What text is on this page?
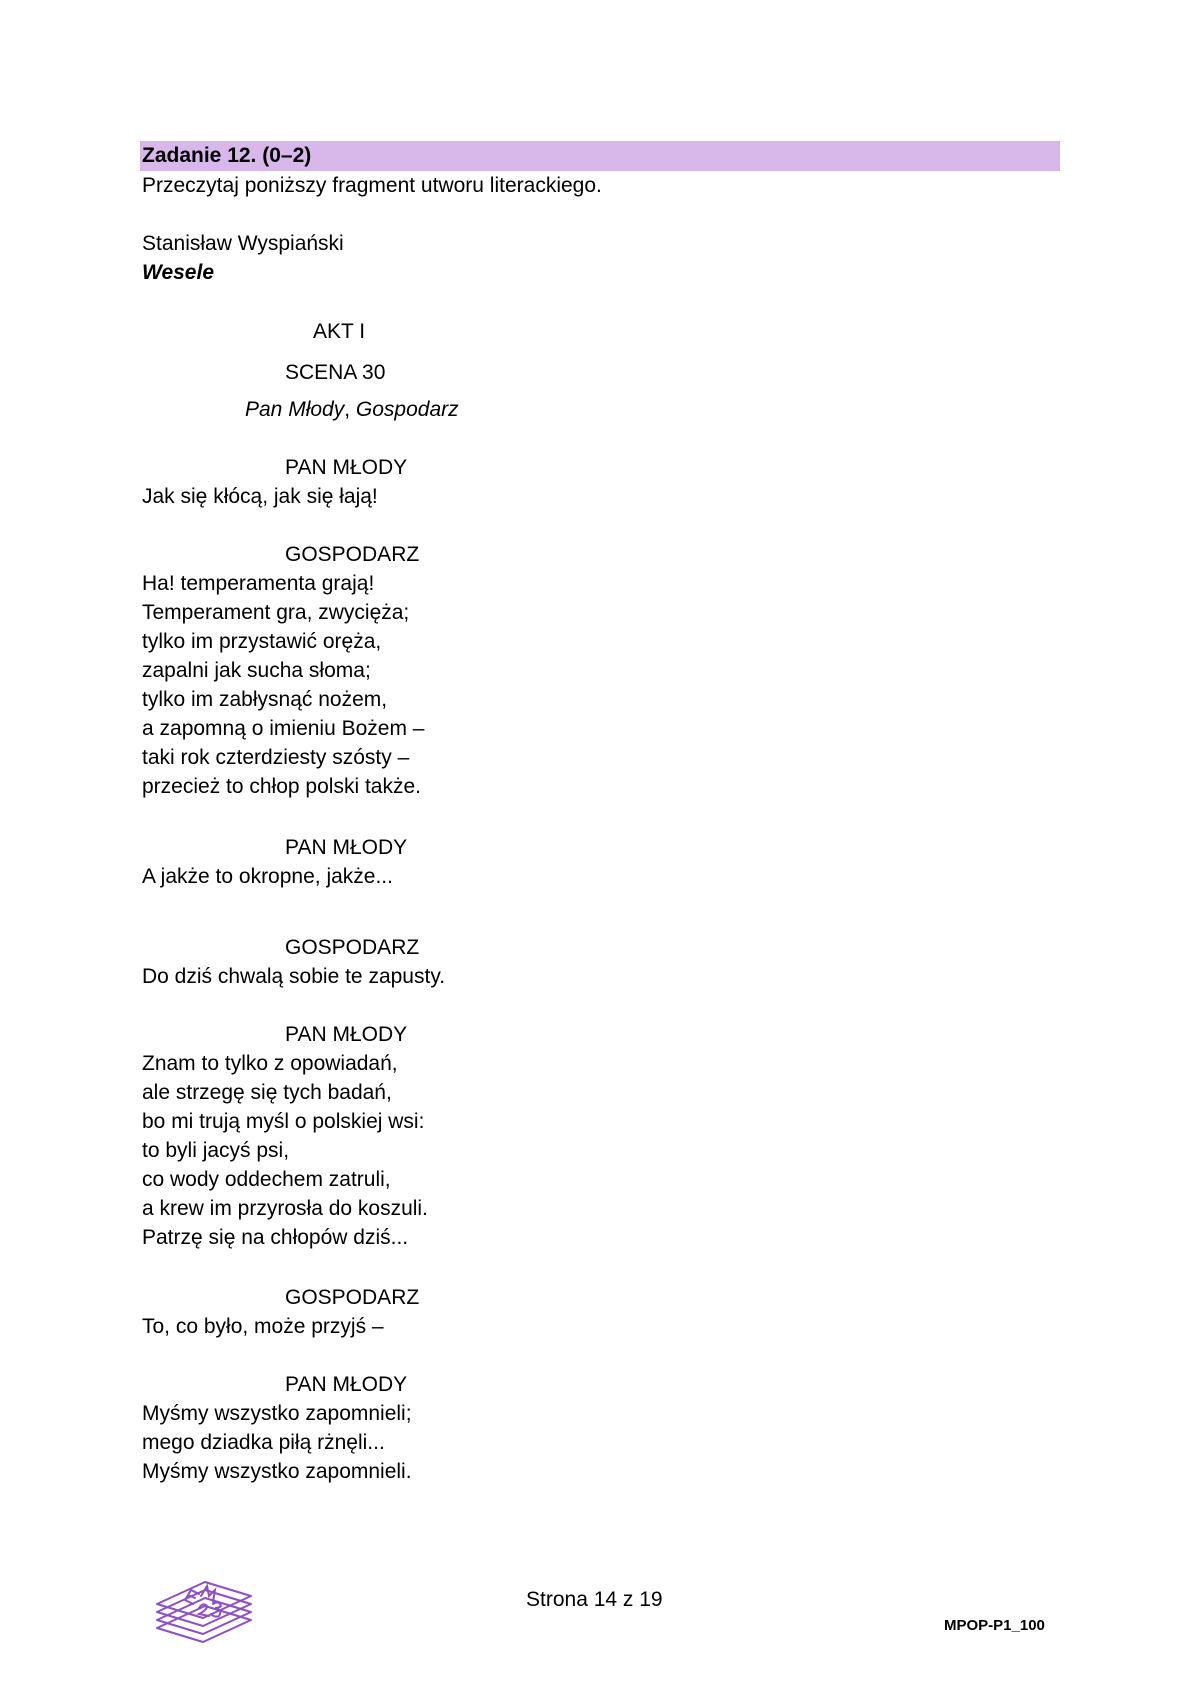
Zadanie 12. (0–2)
Przeczytaj poniższy fragment utworu literackiego.
Stanisław Wyspiański
Wesele
AKT I
SCENA 30
Pan Młody, Gospodarz
PAN MŁODY
Jak się kłócą, jak się łają!
GOSPODARZ
Ha! temperamenta grają!
Temperament gra, zwycięża;
tylko im przystawić oręża,
zapalni jak sucha słoma;
tylko im zabłysnąć nożem,
a zapomną o imieniu Bożem –
taki rok czterdziesty szósty –
przecież to chłop polski także.
PAN MŁODY
A jakże to okropne, jakże...
GOSPODARZ
Do dziś chwalą sobie te zapusty.
PAN MŁODY
Znam to tylko z opowiadań,
ale strzegę się tych badań,
bo mi trują myśl o polskiej wsi:
to byli jacyś psi,
co wody oddechem zatruli,
a krew im przyrosła do koszuli.
Patrzę się na chłopów dziś...
GOSPODARZ
To, co było, może przyjś –
PAN MŁODY
Myśmy wszystko zapomnieli;
mego dziadka piłą rżnęli...
Myśmy wszystko zapomnieli.
Strona 14 z 19
MPOP-P1_100
